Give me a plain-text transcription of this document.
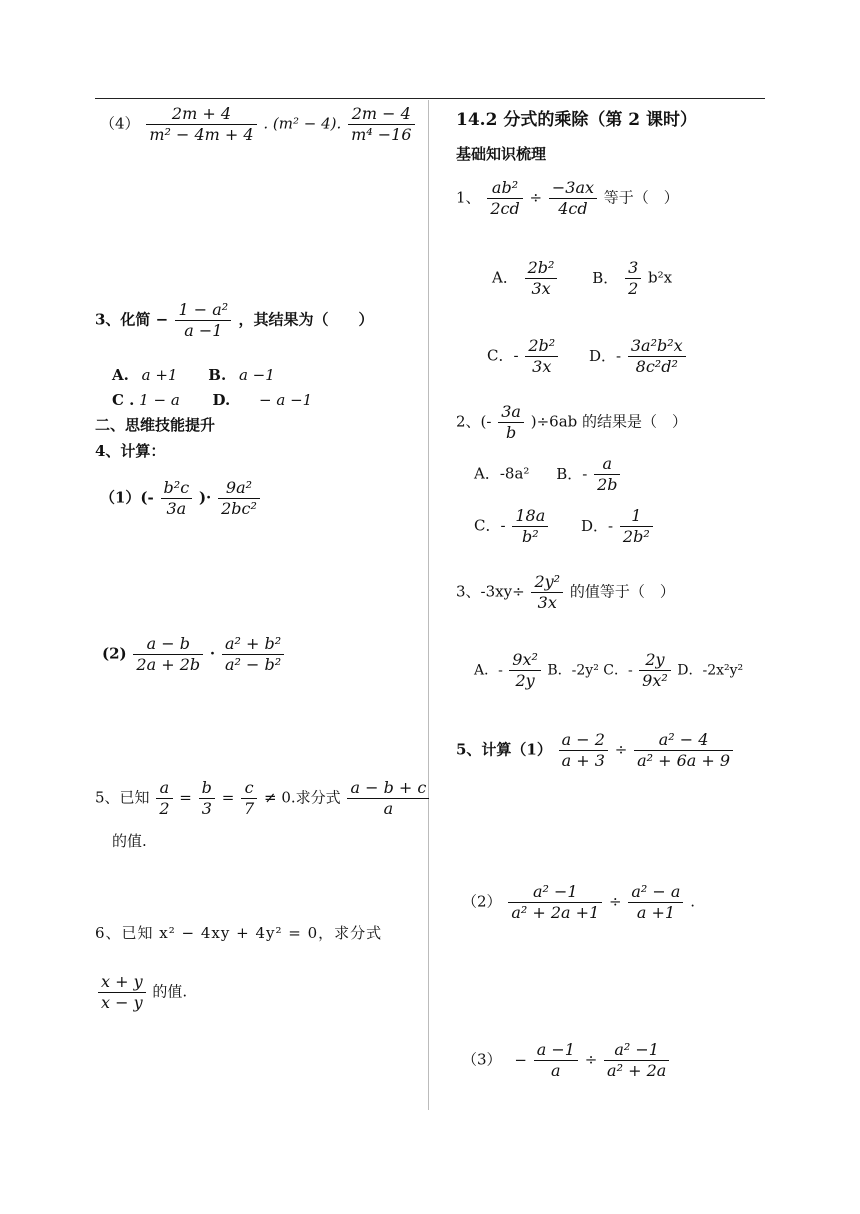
$(4) \frac{2m + 4}{\text{m² − 4m + 4}}$ . (m² − 4). $\frac{2m - 4}{\text{m⁴ −16}}$
3、化简 − $\frac{\text{1 − a²}}{a -1}$ ，其结果为（　　）
A. a +1 B. a −1
C . 1 − a D. − a −1
二、思维技能提升
4、计算：
$(1)(- \frac{\text{b²c}}{3a}$ )· $\frac{\text{9a²}}{\text{2bc²}}$
$(2) \frac{a - b}{2a + 2b} \cdot \frac{\text{a² + b²}}{\text{a² − b²}}$
5、已知 $\frac{a}{2} = \frac{b}{3} = \frac{c}{7} \ne 0$.求分式 $\frac{a - b + c}{a}$
的值.
6、已知 x² − 4xy + 4y² = 0，求分式
$\frac{x + y}{x - y}$ 的值.
14.2 分式的乘除（第 2 课时）
基础知识梳理
1、 $\frac{\text{ab²}}{2cd} \div \frac{-3ax}{4cd}$ 等于（　）
A． $\frac{\text{2b²}}{3x}$ B． $\frac{3}{2} b^2x$
C．- $\frac{\text{2b²}}{3x}$ D．- $\frac{\text{3a²b²x}}{\text{8c²d²}}$
2、(- $\frac{3a}{b} )\div 6ab$ 的结果是（　）
A．-8a² B．- $\frac{a}{2b}$
C．- $\frac{18a}{\text{b²}}$ D．- $\frac{1}{\text{2b²}}$
3、$-3xy\div \frac{\text{2y²}}{3x}$ 的值等于（　）
A．- $\frac{\text{9x²}}{2y}$ B．-2y² C．- $\frac{2y}{\text{9x²}}$ D．-2x²y²
5、计算$(1) \frac{a - 2}{a + 3} \div \frac{\text{a² − 4}}{\text{a² + 6a + 9}}$
$(2) \frac{\text{a² −1}}{\text{a² + 2a +1}} \div \frac{\text{a² − a}}{a +1}$ .
$(3) - \frac{a -1}{a} \div \frac{\text{a² −1}}{\text{a² + 2a}}$
